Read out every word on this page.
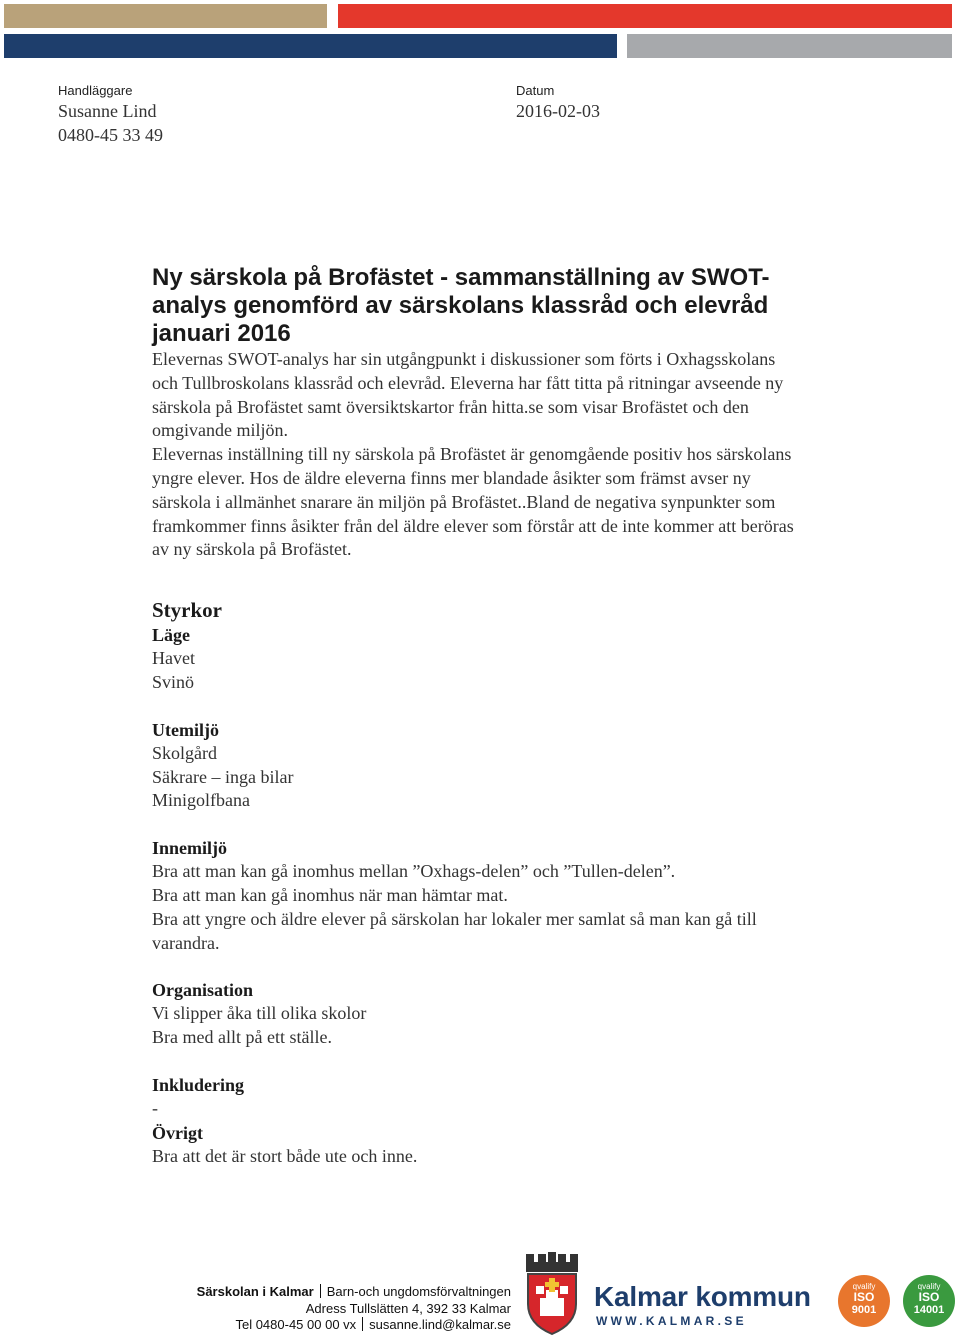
Handläggare
Susanne Lind
0480-45 33 49
Datum
2016-02-03
Ny särskola på Brofästet - sammanställning av SWOT-analys genomförd av särskolans klassråd och elevråd januari 2016

Elevernas SWOT-analys har sin utgångpunkt i diskussioner som förts i Oxhagsskolans och Tullbroskolans klassråd och elevråd. Eleverna har fått titta på ritningar avseende ny särskola på Brofästet samt översiktskartor från hitta.se som visar Brofästet och den omgivande miljön.

Elevernas inställning till ny särskola på Brofästet är genomgående positiv hos särskolans yngre elever. Hos de äldre eleverna finns mer blandade åsikter som främst avser ny särskola i allmänhet snarare än miljön på Brofästet..Bland de negativa synpunkter som framkommer finns åsikter från del äldre elever som förstår att de inte kommer att beröras av ny särskola på Brofästet.

Styrkor
Läge

Havet

Svinö

Utemiljö

Skolgård

Säkrare – inga bilar

Minigolfbana

Innemiljö

Bra att man kan gå inomhus mellan ”Oxhags-delen” och ”Tullen-delen”.

Bra att man kan gå inomhus när man hämtar mat.

Bra att yngre och äldre elever på särskolan har lokaler mer samlat så man kan gå till varandra.

Organisation

Vi slipper åka till olika skolor

Bra med allt på ett ställe.

Inkludering

-

Övrigt

Bra att det är stort både ute och inne.

Särskolan i Kalmar Barn-och ungdomsförvaltningen
Adress Tullslätten 4, 392 33 Kalmar
Tel 0480-45 00 00 vx susanne.lind@kalmar.se
Kalmar kommun
WWW.KALMAR.SE
qvalify
ISO
9001
qvalify
ISO
14001
